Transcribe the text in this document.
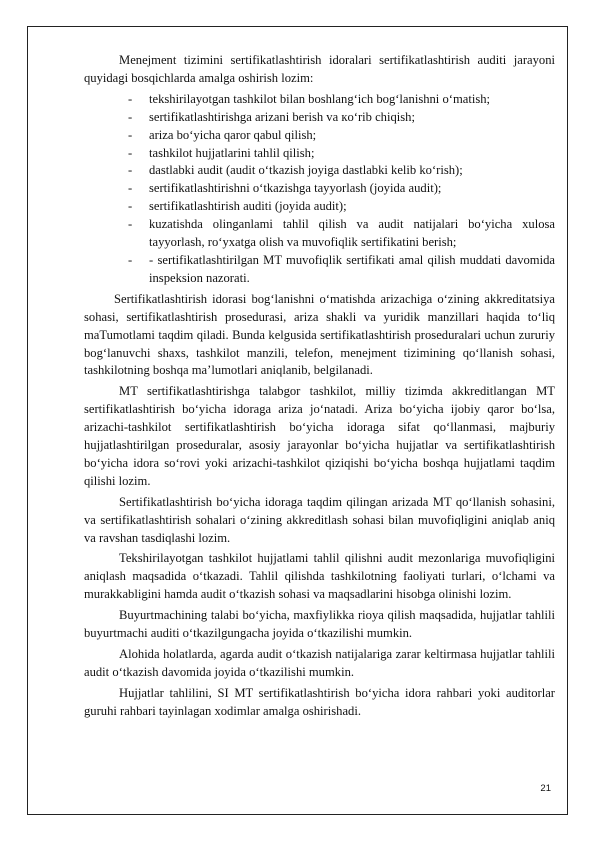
Menejment tizimini sertifikatlashtirish idoralari sertifikatlashtirish auditi jarayoni quyidagi bosqichlarda amalga oshirish lozim:

- tekshirilayotgan tashkilot bilan boshlang‘ich bog‘lanishni o‘matish;
- sertifikatlashtirishga arizani berish va кo‘rib chiqish;
- ariza bo‘yicha qaror qabul qilish;
- tashkilot hujjatlarini tahlil qilish;
- dastlabki audit (audit o‘tkazish joyiga dastlabki kelib ko‘rish);
- sertifikatlashtirishni o‘tkazishga tayyorlash (joyida audit);
- sertifikatlashtirish auditi (joyida audit);
- kuzatishda olinganlami tahlil qilish va audit natijalari bo‘yicha xulosa tayyorlash, ro‘yxatga olish va muvofiqlik sertifikatini berish;
- - sertifikatlashtirilgan MT muvofiqlik sertifikati amal qilish muddati davomida inspeksion nazorati.

Sertifikatlashtirish idorasi bog‘lanishni o‘matishda arizachiga o‘zining akkreditatsiya sohasi, sertifikatlashtirish prosedurasi, ariza shakli va yuridik manzillari haqida to‘liq maTumotlami taqdim qiladi. Bunda kelgusida sertifikatlashtirish proseduralari uchun zururiy bog‘lanuvchi shaxs, tashkilot manzili, telefon, menejment tizimining qo‘llanish sohasi, tashkilotning boshqa ma’lumotlari aniqlanib, belgilanadi.

MT sertifikatlashtirishga talabgor tashkilot, milliy tizimda akkreditlangan MT sertifikatlashtirish bo‘yicha idoraga ariza jo‘natadi. Ariza bo‘yicha ijobiy qaror bo‘lsa, arizachi-tashkilot sertifikatlashtirish bo‘yicha idoraga sifat qo‘llanmasi, majburiy hujjatlashtirilgan proseduralar, asosiy jarayonlar bo‘yicha hujjatlar va sertifikatlashtirish bo‘yicha idora so‘rovi yoki arizachi-tashkilot qiziqishi bo‘yicha boshqa hujjatlami taqdim qilishi lozim.

Sertifikatlashtirish bo‘yicha idoraga taqdim qilingan arizada MT qo‘llanish sohasini, va sertifikatlashtirish sohalari o‘zining akkreditlash sohasi bilan muvofiqligini aniqlab aniq va ravshan tasdiqlashi lozim.

Tekshirilayotgan tashkilot hujjatlami tahlil qilishni audit mezonlariga muvofiqligini aniqlash maqsadida o‘tkazadi. Tahlil qilishda tashkilotning faoliyati turlari, o‘lchami va murakkabligini hamda audit o‘tkazish sohasi va maqsadlarini hisobga olinishi lozim.

Buyurtmachining talabi bo‘yicha, maxfiylikka rioya qilish maqsadida, hujjatlar tahlili buyurtmachi auditi o‘tkazilgungacha joyida o‘tkazilishi mumkin.

Alohida holatlarda, agarda audit o‘tkazish natijalariga zarar keltirmasa hujjatlar tahlili audit o‘tkazish davomida joyida o‘tkazilishi mumkin.

Hujjatlar tahlilini, SI MT sertifikatlashtirish bo‘yicha idora rahbari yoki auditorlar guruhi rahbari tayinlagan xodimlar amalga oshirishadi.

21
